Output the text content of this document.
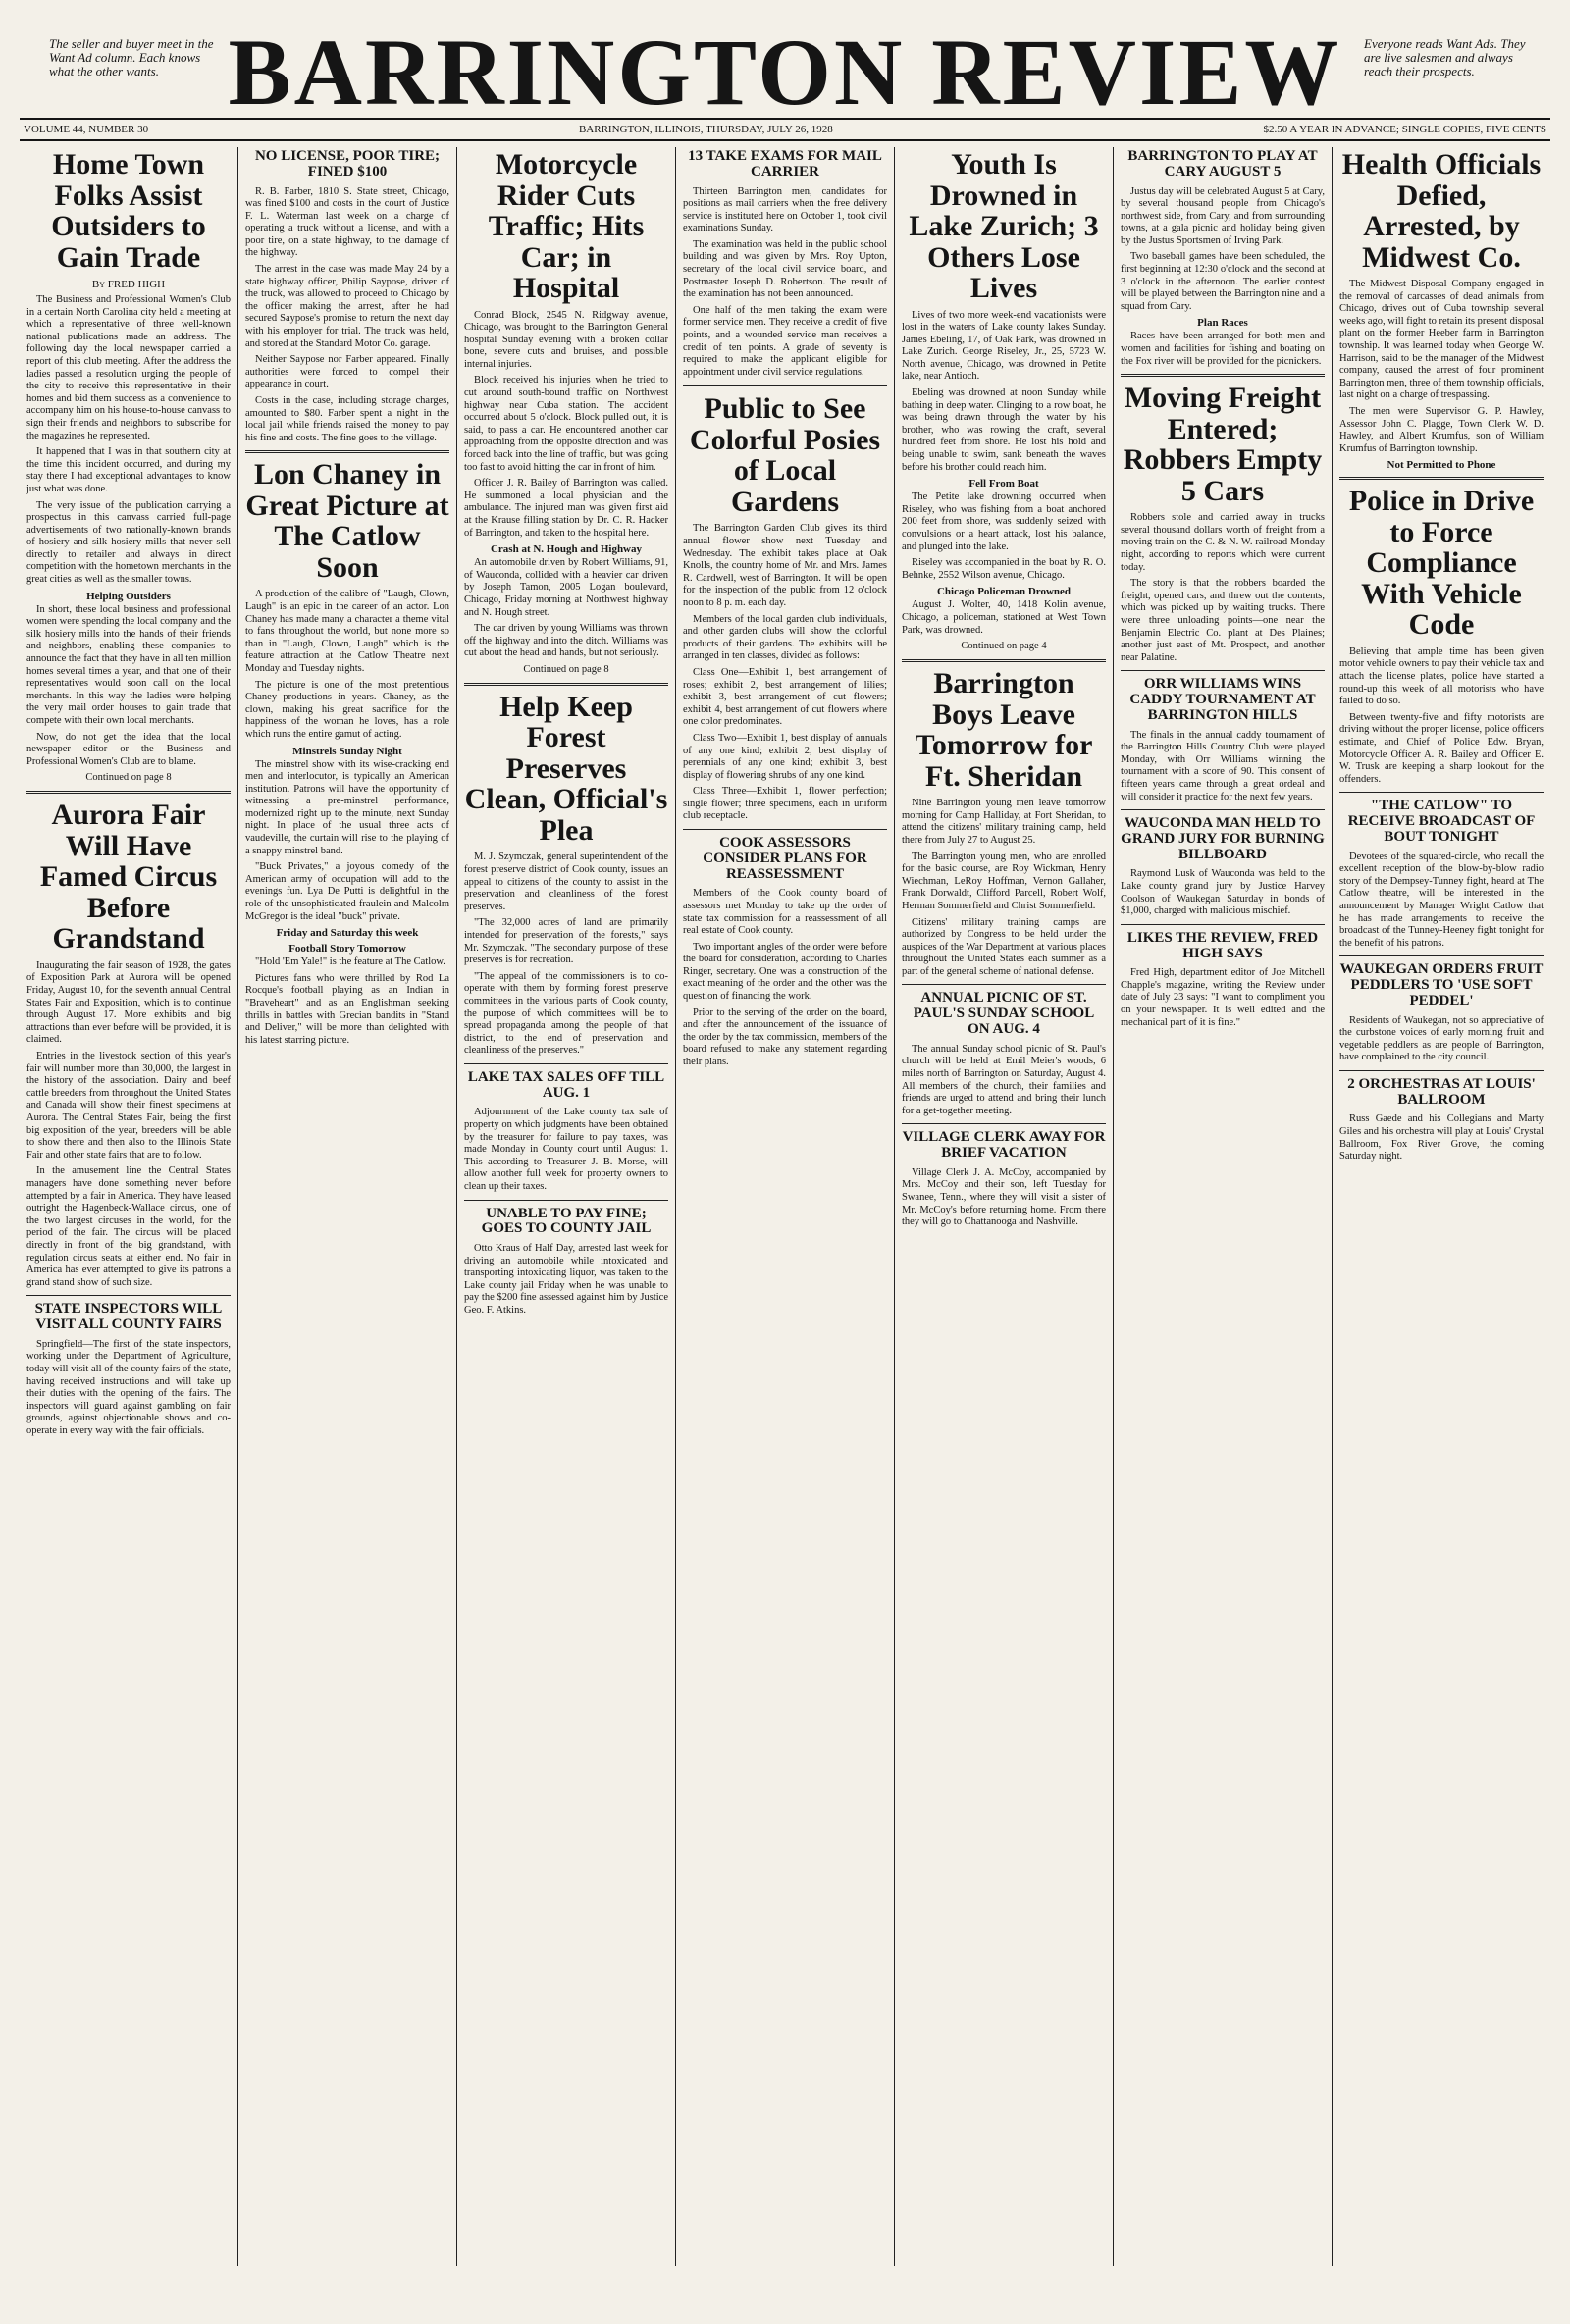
The seller and buyer meet in the Want Ad column. Each knows what the other wants. BARRINGTON REVIEW	Everyone reads Want Ads. They are live salesmen and always reach their prospects.
VOLUME 44, NUMBER 30	BARRINGTON, ILLINOIS, THURSDAY, JULY 26, 1928	$2.50 A YEAR IN ADVANCE; SINGLE COPIES, FIVE CENTS
Home Town Folks Assist Outsiders to Gain Trade
By FRED HIGH

The Business and Professional Women's Club in a certain North Carolina city held a meeting at which a representative of three well-known national publications made an address. The following day the local newspaper carried a report of this club meeting. After the address the ladies passed a resolution urging the people of the city to receive this representative in their homes and bid them success as a convenience to accompany him on his house-to-house canvass to sign their friends and neighbors to subscribe for the magazines he represented.

It happened that I was in that southern city at the time this incident occurred, and during my stay there I had exceptional advantages to know just what was done.

The very issue of the publication carrying a prospectus in this canvass carried full-page advertisements of two nationally-known brands of hosiery and silk hosiery mills that never sell directly to retailer and always in direct competition with the hometown merchants in the great cities as well as the smaller towns.

Helping Outsiders

In short, these local business and professional women were spending the local company and the silk hosiery mills into the hands of their friends and neighbors, enabling these companies to announce the fact that they have in all ten million homes several times a year, and that one of their representatives would soon call on the local merchants. In this way the ladies were helping the very mail order houses to gain trade that compete with their own local merchants.

Now, do not get the idea that the local newspaper editor or the Business and Professional Women's Club are to blame.

Continued on page 8
Aurora Fair Will Have Famed Circus Before Grandstand

Inaugurating the fair season of 1928, the gates of Exposition Park at Aurora will be opened Friday, August 10, for the seventh annual Central States Fair and Exposition, which is to continue through August 17. More exhibits and big attractions than ever before will be provided, it is claimed.

Entries in the livestock section of this year's fair will number more than 30,000, the largest in the history of the association. Dairy and beef cattle breeders from throughout the United States and Canada will show their finest specimens at Aurora. The Central States Fair, being the first big exposition of the year, breeders will be able to show there and then also to the Illinois State Fair and other state fairs that are to follow.

In the amusement line the Central States managers have done something never before attempted by a fair in America. They have leased outright the Hagenbeck-Wallace circus, one of the two largest circuses in the world, for the period of the fair. The circus will be placed directly in front of the big grandstand, with regulation circus seats at either end. No fair in America has ever attempted to give its patrons a grand stand show of such size.

STATE INSPECTORS WILL VISIT ALL COUNTY FAIRS

Springfield—The first of the state inspectors, working under the Department of Agriculture, today will visit all of the county fairs of the state, having received instructions and will take up their duties with the opening of the fairs. The inspectors will guard against gambling on fair grounds, against objectionable shows and co-operate in every way with the fair officials.

NO LICENSE, POOR TIRE; FINED $100

R. B. Farber, 1810 S. State street, Chicago, was fined $100 and costs in the court of Justice F. L. Waterman last week on a charge of operating a truck without a license, and with a poor tire, on a state highway, to the damage of the highway.

The arrest in the case was made May 24 by a state highway officer, Philip Saypose, driver of the truck, was allowed to proceed to Chicago by the officer making the arrest, after he had secured Saypose's promise to return the next day with his employer for trial. The truck was held, and stored at the Standard Motor Co. garage.

Neither Saypose nor Farber appeared. Finally authorities were forced to compel their appearance in court.

Costs in the case, including storage charges, amounted to $80. Farber spent a night in the local jail while friends raised the money to pay his fine and costs. The fine goes to the village.

Lon Chaney in Great Picture at The Catlow Soon

A production of the calibre of "Laugh, Clown, Laugh" is an epic in the career of an actor. Lon Chaney has made many a character a theme vital to fans throughout the world, but none more so than in "Laugh, Clown, Laugh" which is the feature attraction at the Catlow Theatre next Monday and Tuesday nights.

The picture is one of the most pretentious Chaney productions in years. Chaney, as the clown, making his great sacrifice for the happiness of the woman he loves, has a role which runs the entire gamut of acting.

Minstrels Sunday Night

The minstrel show with its wise-cracking end men and interlocutor, is typically an American institution. Patrons will have the opportunity of witnessing a pre-minstrel performance, modernized right up to the minute, next Sunday night. In place of the usual three acts of vaudeville, the curtain will rise to the playing of a snappy minstrel band.

"Buck Privates," a joyous comedy of the American army of occupation will add to the evenings fun. Lya De Putti is delightful in the role of the unsophisticated fraulein and Malcolm McGregor is the ideal "buck" private.

Friday and Saturday this week
Football Story Tomorrow

"Hold 'Em Yale!" is the feature at The Catlow.

Pictures fans who were thrilled by Rod La Rocque's football playing as an Indian in "Braveheart" and as an Englishman seeking thrills in battles with Grecian bandits in "Stand and Deliver," will be more than delighted with his latest starring picture.

Motorcycle Rider Cuts Traffic; Hits Car; in Hospital

Conrad Block, 2545 N. Ridgway avenue, Chicago, was brought to the Barrington General hospital Sunday evening with a broken collar bone, severe cuts and bruises, and possible internal injuries.

Block received his injuries when he tried to cut around south-bound traffic on Northwest highway near Cuba station. The accident occurred about 5 o'clock. Block pulled out, it is said, to pass a car. He encountered another car approaching from the opposite direction and was forced back into the line of traffic, but was going too fast to avoid hitting the car in front of him.

Officer J. R. Bailey of Barrington was called. He summoned a local physician and the ambulance. The injured man was given first aid at the Krause filling station by Dr. C. R. Hacker of Barrington, and taken to the hospital here.

Crash at N. Hough and Highway

An automobile driven by Robert Williams, 91, of Wauconda, collided with a heavier car driven by Joseph Tamon, 2005 Logan boulevard, Chicago, Friday morning at Northwest highway and N. Hough street.

The car driven by young Williams was thrown off the highway and into the ditch. Williams was cut about the head and hands, but not seriously.

Continued on page 8
Help Keep Forest Preserves Clean, Official's Plea

M. J. Szymczak, general superintendent of the forest preserve district of Cook county, issues an appeal to citizens of the county to assist in the preservation and cleanliness of the forest preserves.

"The 32,000 acres of land are primarily intended for preservation of the forests," says Mr. Szymczak. "The secondary purpose of these preserves is for recreation.

"The appeal of the commissioners is to co-operate with them by forming forest preserve committees in the various parts of Cook county, the purpose of which committees will be to spread propaganda among the people of that district, to the end of preservation and cleanliness of the preserves."

LAKE TAX SALES OFF TILL AUG. 1

Adjournment of the Lake county tax sale of property on which judgments have been obtained by the treasurer for failure to pay taxes, was made Monday in County court until August 1. This according to Treasurer J. B. Morse, will allow another full week for property owners to clean up their taxes.

UNABLE TO PAY FINE; GOES TO COUNTY JAIL

Otto Kraus of Half Day, arrested last week for driving an automobile while intoxicated and transporting intoxicating liquor, was taken to the Lake county jail Friday when he was unable to pay the $200 fine assessed against him by Justice Geo. F. Atkins.

13 TAKE EXAMS FOR MAIL CARRIER

Thirteen Barrington men, candidates for positions as mail carriers when the free delivery service is instituted here on October 1, took civil examinations Sunday.

The examination was held in the public school building and was given by Mrs. Roy Upton, secretary of the local civil service board, and Postmaster Joseph D. Robertson. The result of the examination has not been announced.

One half of the men taking the exam were former service men. They receive a credit of five points, and a wounded service man receives a credit of ten points. A grade of seventy is required to make the applicant eligible for appointment under civil service regulations.

Public to See Colorful Posies of Local Gardens

The Barrington Garden Club gives its third annual flower show next Tuesday and Wednesday. The exhibit takes place at Oak Knolls, the country home of Mr. and Mrs. James R. Cardwell, west of Barrington. It will be open for the inspection of the public from 12 o'clock noon to 8 p. m. each day.

Members of the local garden club individuals, and other garden clubs will show the colorful products of their gardens. The exhibits will be arranged in ten classes, divided as follows:

Class One—Exhibit 1, best arrangement of roses; exhibit 2, best arrangement of lilies; exhibit 3, best arrangement of cut flowers; exhibit 4, best arrangement of cut flowers where one color predominates.

Class Two—Exhibit 1, best display of annuals of any one kind; exhibit 2, best display of perennials of any one kind; exhibit 3, best display of flowering shrubs of any one kind.

Class Three—Exhibit 1, flower perfection; single flower; three specimens, each in uniform club receptacle.

COOK ASSESSORS CONSIDER PLANS FOR REASSESSMENT

Members of the Cook county board of assessors met Monday to take up the order of state tax commission for a reassessment of all real estate of Cook county.

Two important angles of the order were before the board for consideration, according to Charles Ringer, secretary. One was a construction of the exact meaning of the order and the other was the question of financing the work.

Prior to the serving of the order on the board, and after the announcement of the issuance of the order by the tax commission, members of the board refused to make any statement regarding their plans.

Youth Is Drowned in Lake Zurich; 3 Others Lose Lives

Lives of two more week-end vacationists were lost in the waters of Lake county lakes Sunday. James Ebeling, 17, of Oak Park, was drowned in Lake Zurich. George Riseley, Jr., 25, 5723 W. North avenue, Chicago, was drowned in Petite lake, near Antioch.

Ebeling was drowned at noon Sunday while bathing in deep water. Clinging to a row boat, he was being drawn through the water by his brother, who was rowing the craft, several hundred feet from shore. He lost his hold and being unable to swim, sank beneath the waves before his brother could reach him.

Fell From Boat

The Petite lake drowning occurred when Riseley, who was fishing from a boat anchored 200 feet from shore, was suddenly seized with convulsions or a heart attack, lost his balance, and plunged into the lake.

Riseley was accompanied in the boat by R. O. Behnke, 2552 Wilson avenue, Chicago.

Chicago Policeman Drowned

August J. Wolter, 40, 1418 Kolin avenue, Chicago, a policeman, stationed at West Town Park, was drowned.

Continued on page 4
Barrington Boys Leave Tomorrow for Ft. Sheridan

Nine Barrington young men leave tomorrow morning for Camp Halliday, at Fort Sheridan, to attend the citizens' military training camp, held there from July 27 to August 25.

The Barrington young men, who are enrolled for the basic course, are Roy Wickman, Henry Wiechman, LeRoy Hoffman, Vernon Gallaher, Frank Dorwaldt, Clifford Parcell, Robert Wolf, Herman Sommerfield and Christ Sommerfield.

Citizens' military training camps are authorized by Congress to be held under the auspices of the War Department at various places throughout the United States each summer as a part of the general scheme of national defense.

ANNUAL PICNIC OF ST. PAUL'S SUNDAY SCHOOL ON AUG. 4

The annual Sunday school picnic of St. Paul's church will be held at Emil Meier's woods, 6 miles north of Barrington on Saturday, August 4. All members of the church, their families and friends are urged to attend and bring their lunch for a get-together meeting.

VILLAGE CLERK AWAY FOR BRIEF VACATION

Village Clerk J. A. McCoy, accompanied by Mrs. McCoy and their son, left Tuesday for Swanee, Tenn., where they will visit a sister of Mr. McCoy's before returning home. From there they will go to Chattanooga and Nashville.

BARRINGTON TO PLAY AT CARY AUGUST 5

Justus day will be celebrated August 5 at Cary, by several thousand people from Chicago's northwest side, from Cary, and from surrounding towns, at a gala picnic and holiday being given by the Justus Sportsmen of Irving Park.

Two baseball games have been scheduled, the first beginning at 12:30 o'clock and the second at 3 o'clock in the afternoon. The earlier contest will be played between the Barrington nine and a squad from Cary.

Plan Races

Races have been arranged for both men and women and facilities for fishing and boating on the Fox river will be provided for the picnickers.

Moving Freight Entered; Robbers Empty 5 Cars

Robbers stole and carried away in trucks several thousand dollars worth of freight from a moving train on the C. & N. W. railroad Monday night, according to reports which were current today.

The story is that the robbers boarded the freight, opened cars, and threw out the contents, which was picked up by waiting trucks. There were three unloading points—one near the Benjamin Electric Co. plant at Des Plaines; another just east of Mt. Prospect, and another near Palatine.

ORR WILLIAMS WINS CADDY TOURNAMENT AT BARRINGTON HILLS

The finals in the annual caddy tournament of the Barrington Hills Country Club were played Monday, with Orr Williams winning the tournament with a score of 90. This consent of fifteen years came through a great ordeal and will consider it practice for the next few years.

WAUCONDA MAN HELD TO GRAND JURY FOR BURNING BILLBOARD

Raymond Lusk of Wauconda was held to the Lake county grand jury by Justice Harvey Coolson of Waukegan Saturday in bonds of $1,000, charged with malicious mischief.

LIKES THE REVIEW, FRED HIGH SAYS

Fred High, department editor of Joe Mitchell Chapple's magazine, writing the Review under date of July 23 says: "I want to compliment you on your newspaper. It is well edited and the mechanical part of it is fine."

Health Officials Defied, Arrested, by Midwest Co.

The Midwest Disposal Company engaged in the removal of carcasses of dead animals from Chicago, drives out of Cuba township several weeks ago, will fight to retain its present disposal plant on the former Heeber farm in Barrington township. It was learned today when George W. Harrison, said to be the manager of the Midwest company, caused the arrest of four prominent Barrington men, three of them township officials, last night on a charge of trespassing.

The men were Supervisor G. P. Hawley, Assessor John C. Plagge, Town Clerk W. D. Hawley, and Albert Krumfus, son of William Krumfus of Barrington township.

Not Permitted to Phone
Police in Drive to Force Compliance With Vehicle Code

Believing that ample time has been given motor vehicle owners to pay their vehicle tax and attach the license plates, police have started a round-up this week of all motorists who have failed to do so.

Between twenty-five and fifty motorists are driving without the proper license, police officers estimate, and Chief of Police Edw. Bryan, Motorcycle Officer A. R. Bailey and Officer E. W. Trusk are keeping a sharp lookout for the offenders.

"THE CATLOW" TO RECEIVE BROADCAST OF BOUT TONIGHT

Devotees of the squared-circle, who recall the excellent reception of the blow-by-blow radio story of the Dempsey-Tunney fight, heard at The Catlow theatre, will be interested in the announcement by Manager Wright Catlow that he has made arrangements to receive the broadcast of the Tunney-Heeney fight tonight for the benefit of his patrons.

WAUKEGAN ORDERS FRUIT PEDDLERS TO 'USE SOFT PEDDEL'

Residents of Waukegan, not so appreciative of the curbstone voices of early morning fruit and vegetable peddlers as are people of Barrington, have complained to the city council.

2 ORCHESTRAS AT LOUIS' BALLROOM

Russ Gaede and his Collegians and Marty Giles and his orchestra will play at Louis' Crystal Ballroom, Fox River Grove, the coming Saturday night.
